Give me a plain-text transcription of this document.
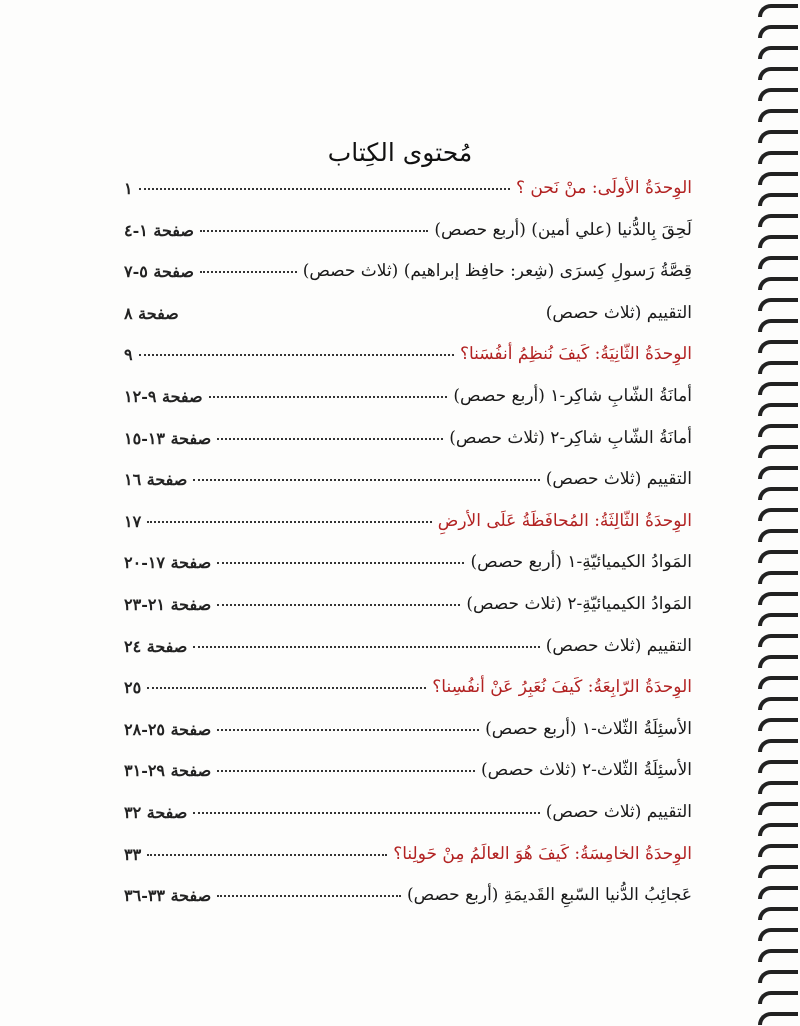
مُحتوى الكِتاب
الوِحدَةُ الأولَى: منْ نَحن ؟
١
لَحِقَ بِالدُّنيا (علي أمين) (أربع حصص)
صفحة ١-٤
قِصَّةُ رَسولِ كِسرَى (شِعر: حافِظ إبراهيم) (ثلاث حصص)
صفحة ٥-٧
التقييم (ثلاث حصص)
صفحة ٨
الوِحدَةُ الثّانِيَةُ: كَيفَ نُنظِمُ أنفُسَنا؟
٩
أمانَةُ الشّابِ شاكِر-١ (أربع حصص)
صفحة ٩-١٢
أمانَةُ الشّابِ شاكِر-٢ (ثلاث حصص)
صفحة ١٣-١٥
التقييم (ثلاث حصص)
صفحة ١٦
الوِحدَةُ الثّالِثَةُ: المُحافَظَةُ عَلَى الأرضِ
١٧
المَوادُ الكيميائيّةِ-١ (أربع حصص)
صفحة ١٧-٢٠
المَوادُ الكيميائيّةِ-٢ (ثلاث حصص)
صفحة ٢١-٢٣
التقييم (ثلاث حصص)
صفحة ٢٤
الوِحدَةُ الرّابِعَةُ: كَيفَ نُعَبِرُ عَنْ أنفُسِنا؟
٢٥
الأسئِلَةُ الثّلاث-١ (أربع حصص)
صفحة ٢٥-٢٨
الأسئِلَةُ الثّلاث-٢ (ثلاث حصص)
صفحة ٢٩-٣١
التقييم (ثلاث حصص)
صفحة ٣٢
الوِحدَةُ الخامِسَةُ: كَيفَ هُوَ العالَمُ مِنْ حَولِنا؟
٣٣
عَجائِبُ الدُّنيا السّبعِ القَديمَةِ (أربع حصص)
صفحة ٣٣-٣٦
